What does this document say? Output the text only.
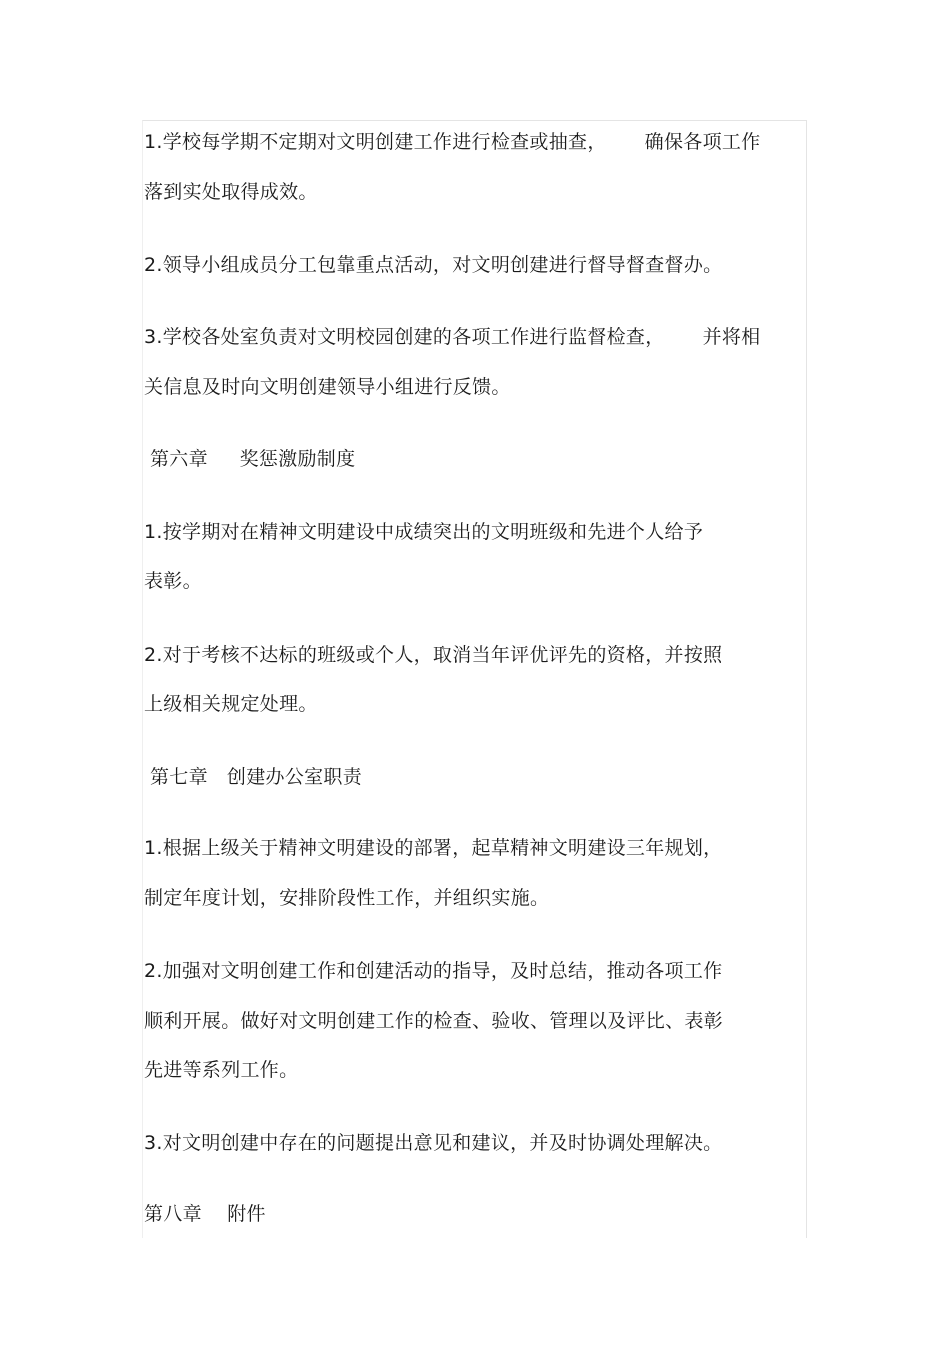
1.学校每学期不定期对文明创建工作进行检查或抽查，      确保各项工作
落到实处取得成效。
2.领导小组成员分工包靠重点活动，对文明创建进行督导督查督办。
3.学校各处室负责对文明校园创建的各项工作进行监督检查，      并将相
关信息及时向文明创建领导小组进行反馈。
第六章     奖惩激励制度
1.按学期对在精神文明建设中成绩突出的文明班级和先进个人给予
表彰。
2.对于考核不达标的班级或个人，取消当年评优评先的资格，并按照
上级相关规定处理。
第七章   创建办公室职责
1.根据上级关于精神文明建设的部署，起草精神文明建设三年规划，
制定年度计划，安排阶段性工作，并组织实施。
2.加强对文明创建工作和创建活动的指导，及时总结，推动各项工作
顺利开展。做好对文明创建工作的检查、验收、管理以及评比、表彰
先进等系列工作。
3.对文明创建中存在的问题提出意见和建议，并及时协调处理解决。
第八章    附件
